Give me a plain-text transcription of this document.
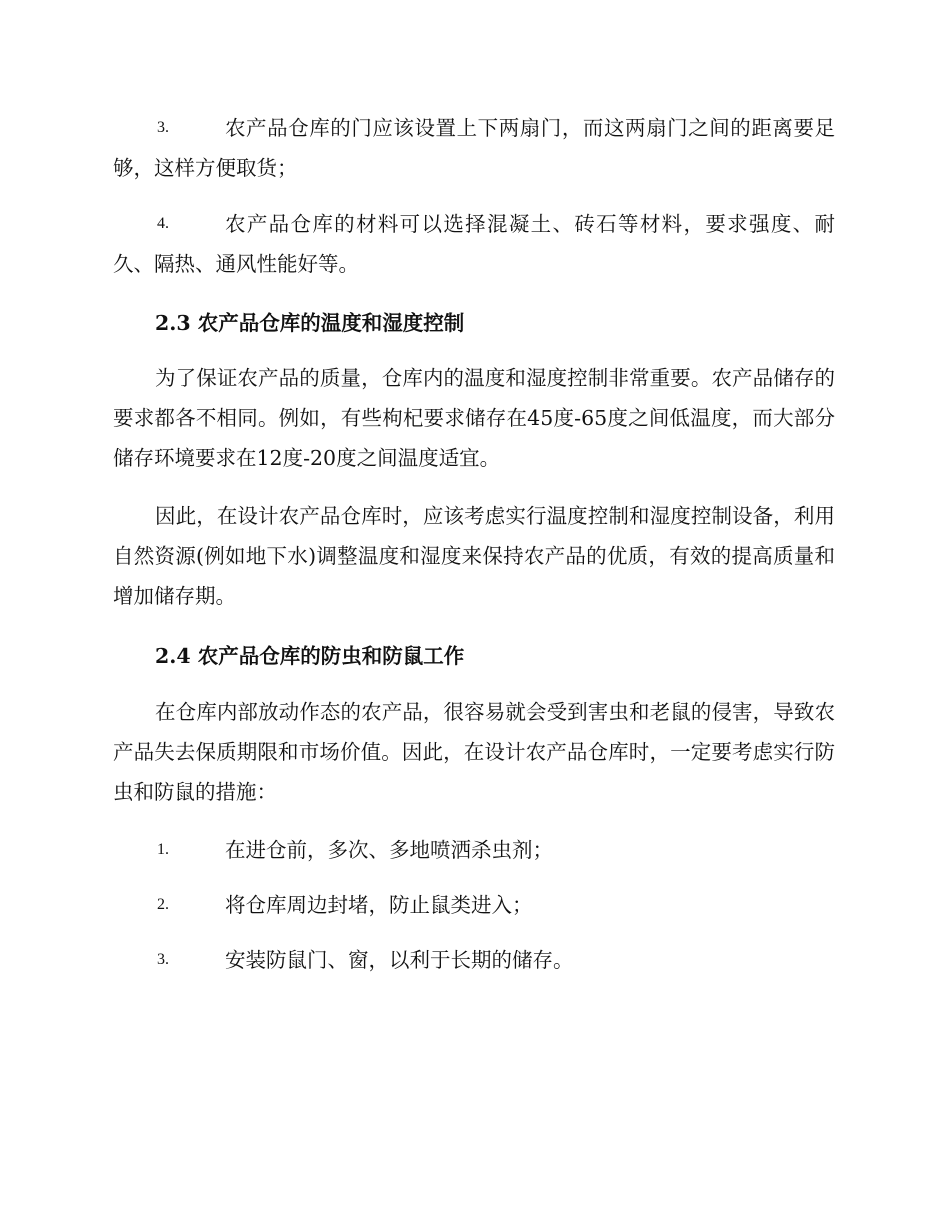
3.	农产品仓库的门应该设置上下两扇门，而这两扇门之间的距离要足够，这样方便取货；
4.	农产品仓库的材料可以选择混凝土、砖石等材料，要求强度、耐久、隔热、通风性能好等。

2.3 农产品仓库的温度和湿度控制

为了保证农产品的质量，仓库内的温度和湿度控制非常重要。农产品储存的要求都各不相同。例如，有些枸杞要求储存在45度-65度之间低温度，而大部分储存环境要求在12度-20度之间温度适宜。

因此，在设计农产品仓库时，应该考虑实行温度控制和湿度控制设备，利用自然资源(例如地下水)调整温度和湿度来保持农产品的优质，有效的提高质量和增加储存期。

2.4 农产品仓库的防虫和防鼠工作

在仓库内部放动作态的农产品，很容易就会受到害虫和老鼠的侵害，导致农产品失去保质期限和市场价值。因此，在设计农产品仓库时，一定要考虑实行防虫和防鼠的措施：

1.	在进仓前，多次、多地喷洒杀虫剂；
2.	将仓库周边封堵，防止鼠类进入；
3.	安装防鼠门、窗，以利于长期的储存。
